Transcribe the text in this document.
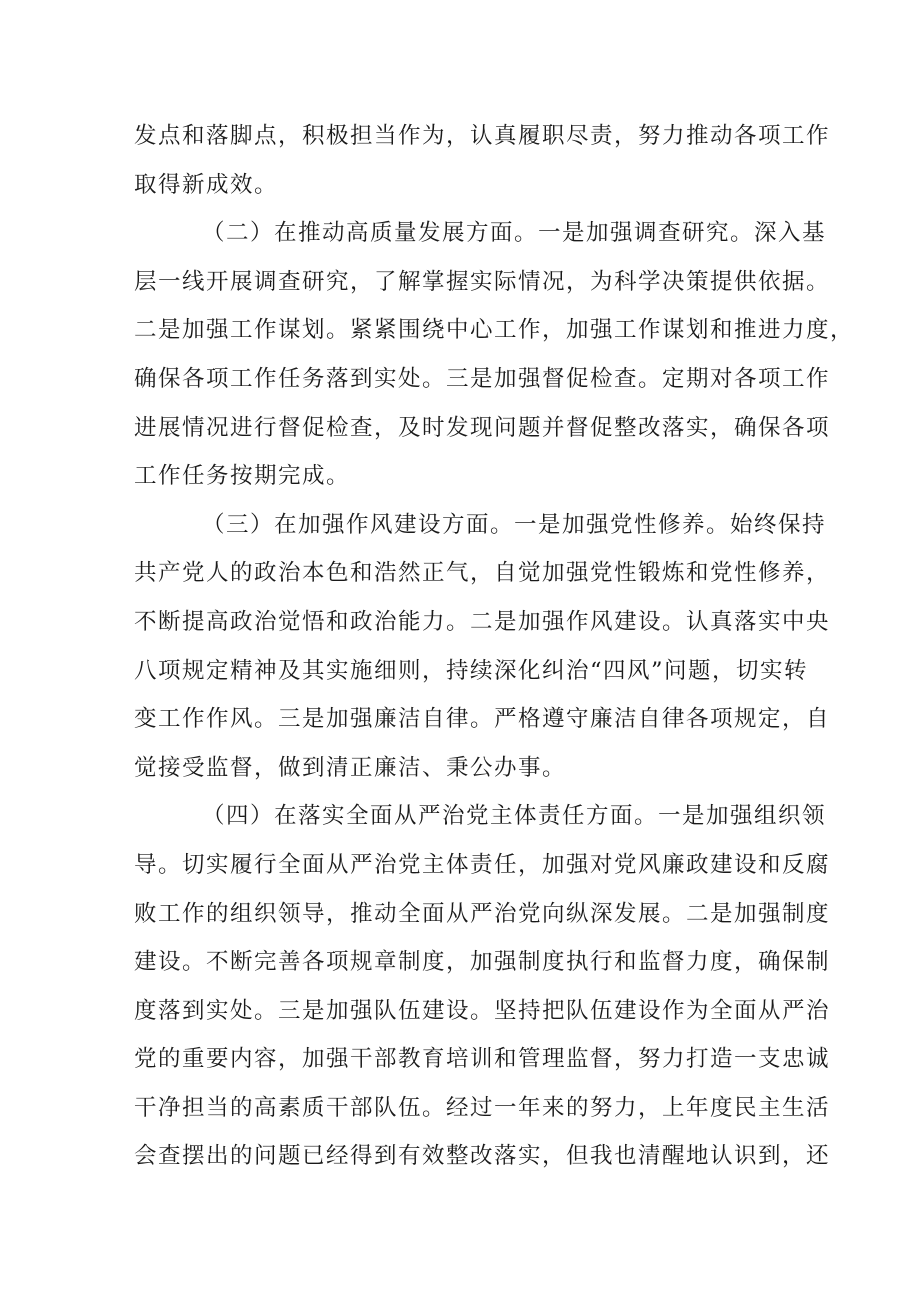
发点和落脚点，积极担当作为，认真履职尽责，努力推动各项工作
取得新成效。
（二）在推动高质量发展方面。一是加强调查研究。深入基
层一线开展调查研究，了解掌握实际情况，为科学决策提供依据。
二是加强工作谋划。紧紧围绕中心工作，加强工作谋划和推进力度，
确保各项工作任务落到实处。三是加强督促检查。定期对各项工作
进展情况进行督促检查，及时发现问题并督促整改落实，确保各项
工作任务按期完成。
（三）在加强作风建设方面。一是加强党性修养。始终保持
共产党人的政治本色和浩然正气，自觉加强党性锻炼和党性修养，
不断提高政治觉悟和政治能力。二是加强作风建设。认真落实中央
八项规定精神及其实施细则，持续深化纠治“四风”问题，切实转
变工作作风。三是加强廉洁自律。严格遵守廉洁自律各项规定，自
觉接受监督，做到清正廉洁、秉公办事。
（四）在落实全面从严治党主体责任方面。一是加强组织领
导。切实履行全面从严治党主体责任，加强对党风廉政建设和反腐
败工作的组织领导，推动全面从严治党向纵深发展。二是加强制度
建设。不断完善各项规章制度，加强制度执行和监督力度，确保制
度落到实处。三是加强队伍建设。坚持把队伍建设作为全面从严治
党的重要内容，加强干部教育培训和管理监督，努力打造一支忠诚
干净担当的高素质干部队伍。经过一年来的努力，上年度民主生活
会查摆出的问题已经得到有效整改落实，但我也清醒地认识到，还
